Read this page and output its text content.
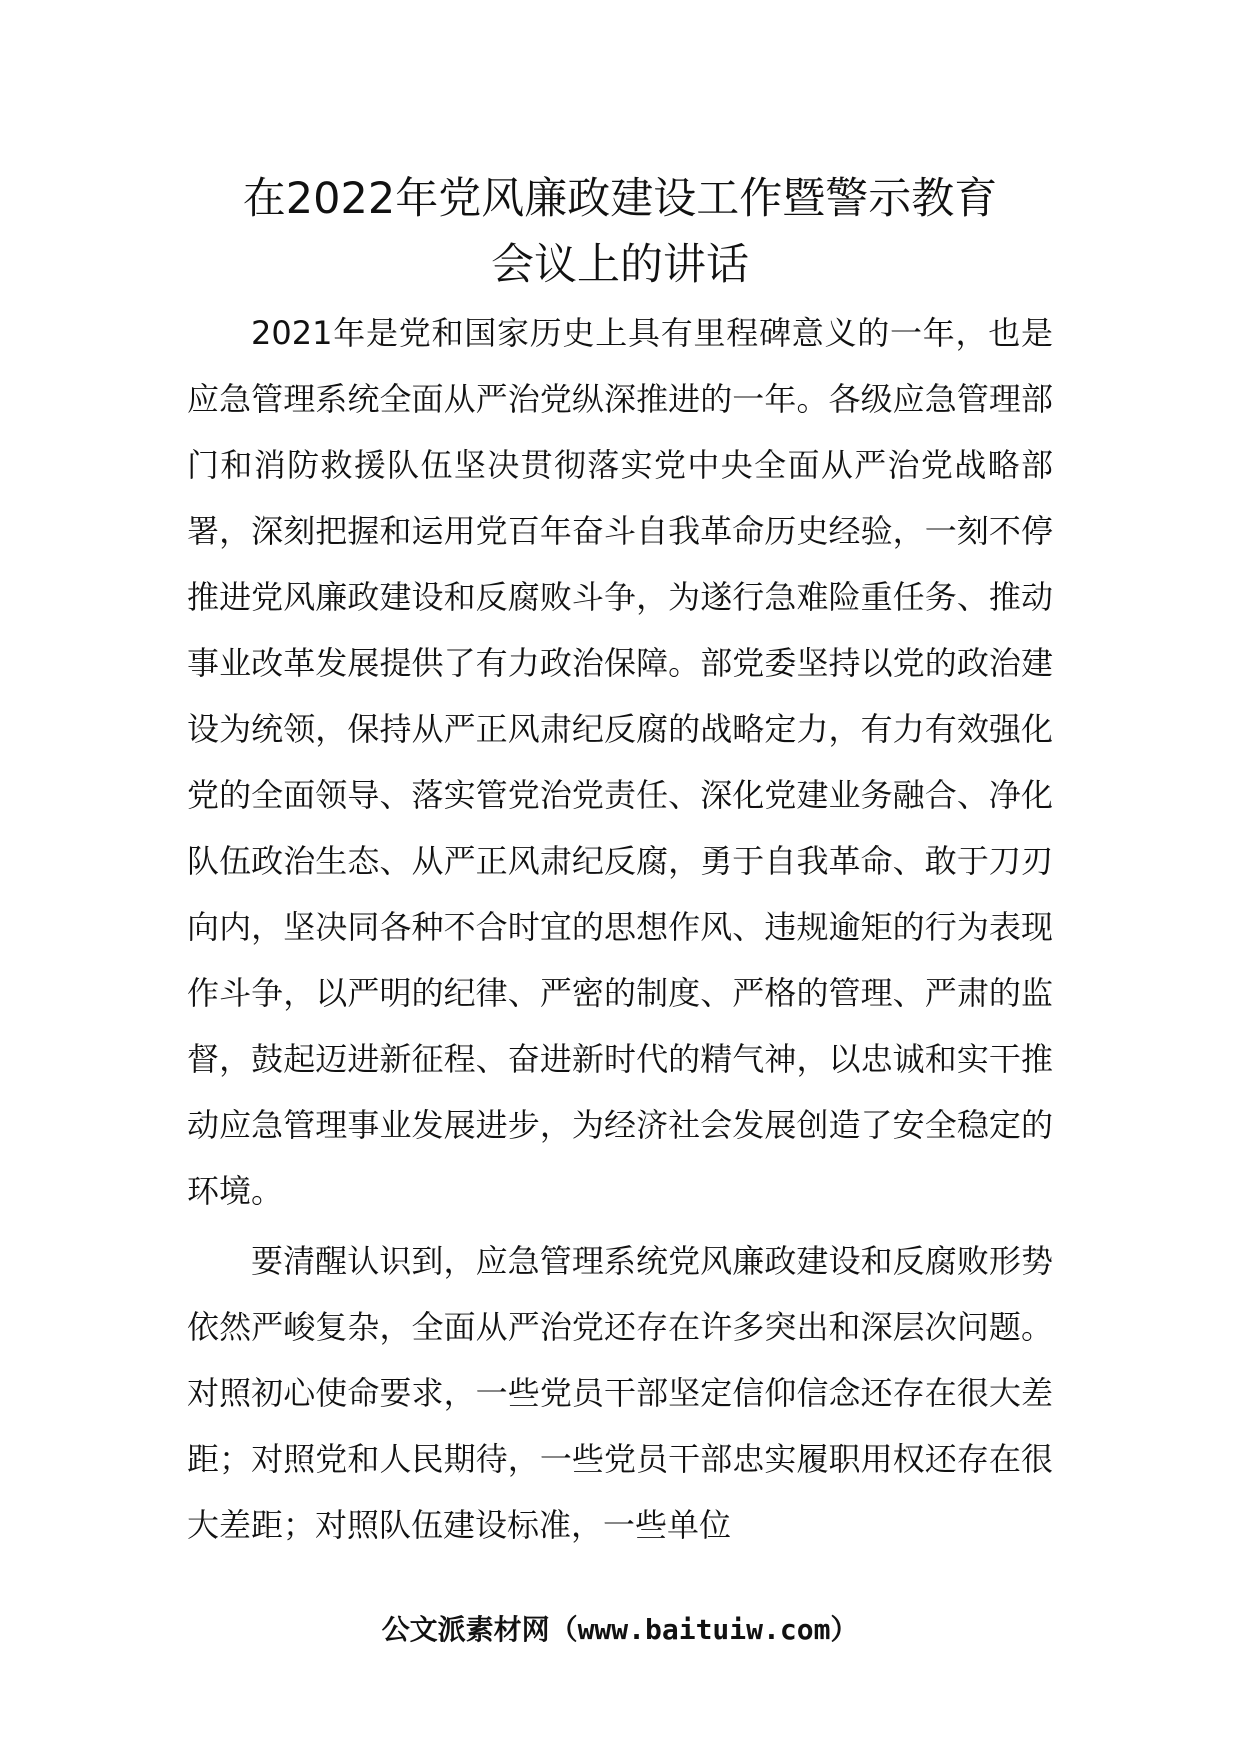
在2022年党风廉政建设工作暨警示教育
会议上的讲话

2021年是党和国家历史上具有里程碑意义的一年，也是应急管理系统全面从严治党纵深推进的一年。各级应急管理部门和消防救援队伍坚决贯彻落实党中央全面从严治党战略部署，深刻把握和运用党百年奋斗自我革命历史经验，一刻不停推进党风廉政建设和反腐败斗争，为遂行急难险重任务、推动事业改革发展提供了有力政治保障。部党委坚持以党的政治建设为统领，保持从严正风肃纪反腐的战略定力，有力有效强化党的全面领导、落实管党治党责任、深化党建业务融合、净化队伍政治生态、从严正风肃纪反腐，勇于自我革命、敢于刀刃向内，坚决同各种不合时宜的思想作风、违规逾矩的行为表现作斗争，以严明的纪律、严密的制度、严格的管理、严肃的监督，鼓起迈进新征程、奋进新时代的精气神，以忠诚和实干推动应急管理事业发展进步，为经济社会发展创造了安全稳定的环境。

要清醒认识到，应急管理系统党风廉政建设和反腐败形势依然严峻复杂，全面从严治党还存在许多突出和深层次问题。对照初心使命要求，一些党员干部坚定信仰信念还存在很大差距；对照党和人民期待，一些党员干部忠实履职用权还存在很大差距；对照队伍建设标准，一些单位

公文派素材网（www.baituiw.com）
